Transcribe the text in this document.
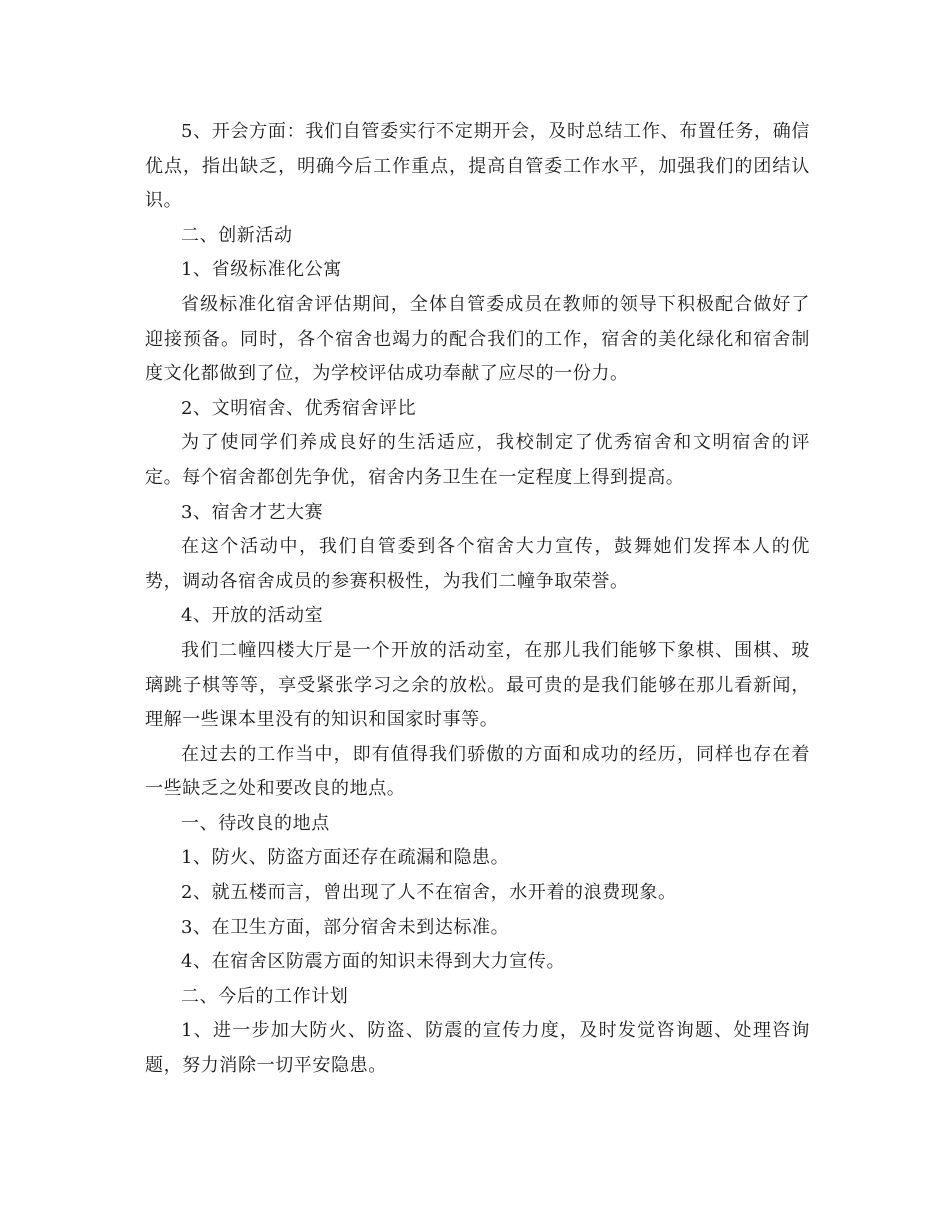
5、开会方面：我们自管委实行不定期开会，及时总结工作、布置任务，确信优点，指出缺乏，明确今后工作重点，提高自管委工作水平，加强我们的团结认识。

二、创新活动

1、省级标准化公寓

省级标准化宿舍评估期间，全体自管委成员在教师的领导下积极配合做好了迎接预备。同时，各个宿舍也竭力的配合我们的工作，宿舍的美化绿化和宿舍制度文化都做到了位，为学校评估成功奉献了应尽的一份力。

2、文明宿舍、优秀宿舍评比

为了使同学们养成良好的生活适应，我校制定了优秀宿舍和文明宿舍的评定。每个宿舍都创先争优，宿舍内务卫生在一定程度上得到提高。

3、宿舍才艺大赛

在这个活动中，我们自管委到各个宿舍大力宣传，鼓舞她们发挥本人的优势，调动各宿舍成员的参赛积极性，为我们二幢争取荣誉。

4、开放的活动室

我们二幢四楼大厅是一个开放的活动室，在那儿我们能够下象棋、围棋、玻璃跳子棋等等，享受紧张学习之余的放松。最可贵的是我们能够在那儿看新闻，理解一些课本里没有的知识和国家时事等。

在过去的工作当中，即有值得我们骄傲的方面和成功的经历，同样也存在着一些缺乏之处和要改良的地点。

一、待改良的地点

1、防火、防盗方面还存在疏漏和隐患。

2、就五楼而言，曾出现了人不在宿舍，水开着的浪费现象。

3、在卫生方面，部分宿舍未到达标准。

4、在宿舍区防震方面的知识未得到大力宣传。

二、今后的工作计划

1、进一步加大防火、防盗、防震的宣传力度，及时发觉咨询题、处理咨询题，努力消除一切平安隐患。
